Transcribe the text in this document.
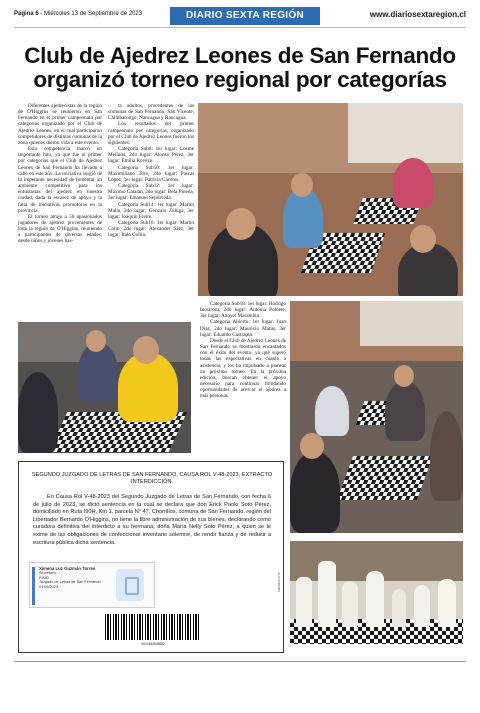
Página 6 - Miércoles 13 de Septiembre de 2023	DIARIO SEXTA REGIÓN	www.diariosextaregion.cl
Club de Ajedrez Leones de San Fernando organizó torneo regional por categorías

Diferentes ajedrecistas de la región de O'Higgins se reunieron en San Fernando en el primer campeonato por categorías organizado por el Club de Ajedrez Leones, en el cual participaron competidores de distintas comunas de la zona quienes dieron vida a este evento.

Esta competencia marcó un importante hito, ya que fue el primer por categorías que el Club de Ajedrez Leones de San Fernando ha llevado a cabo en este año. La iniciativa surgió de la imperante necesidad de fomentar un ambiente competitivo para los entusiastas del ajedrez en nuestra ciudad, dada la escasez de apoyo y la falta de iniciativas promotoras en la provincia.

El torneo atrajo a 56 apasionados jugadores de ajedrez provenientes de toda la región de O'Higgins, reuniendo a participantes de diversas edades, desde niños y jóvenes has-

ta adultos, procedentes de las comunas de San Fernando, San Vicente, Chimbarongo, Nancagua y Rancagua.

Los resultados del primer campeonato por categorías, organizado por el Club de Ajedrez Leones fueron los siguientes:

Categoría Sub8: 1er lugar: Cosme Mellado, 2do lugar: Alonso Pérez, 3er lugar: Emilia Rovezo.

Categoría Sub10: 1er lugar: Maximiliano Toro, 2do lugar: Pascal López, 3er lugar: Patricia Cáceres.

Categoría Sub12: 1er lugar: Máximo Catalán, 2do lugar: Bela Pineda, 3er lugar: Emanuel Sepúlveda.

Categoría Sub14: 1er lugar: Martín Malla, 2do lugar: Gonzalo Zúñiga, 3er lugar: Joaquín Freire.

Categoría Sub16: 1er lugar: Martín Colín, 2do lugar: Alexander Sáez, 3er lugar: Italo Collio.

Categoría Sub18: 1er lugar: Rodrigo Inostroza, 2do lugar: Antonia Poblete, 3er lugar: Annyel Marambio.

Categoría Abierto: 1er lugar: Juan Díaz, 2do lugar: Mauricio Matus, 3er lugar: Eduardo Castrapín.

Desde el Club de Ajedrez Leones de San Fernando se mostraron encantados con el éxito del evento, ya que superó todas las expectativas en cuanto a asistencia, y los ha impulsado a planear un próximo torneo. En la próxima edición, buscan obtener el apoyo necesario para continuar brindando oportunidades de acercar el ajedrez a más personas.

SEGUNDO JUZGADO DE LETRAS DE SAN FERNANDO, CAUSA ROL V-48-2023, EXTRACTO INTERDICCIÓN.
En Causa Rol V-48-2023 del Segundo Juzgado de Letras de San Fernando, con fecha 6 de julio de 2023, se dictó sentencia en la cual se declara que don Erick Paolo Soto Pérez, domiciliado en Ruta I90H, Km 1, parcela N° 47, Chorrillos, comuna de San Fernando, región del Libertador Bernardo O'Higgins, no tiene la libre administración de sus bienes, declarando como curadora definitiva del interdicto a su hermana, doña María Nelly Soto Pérez, a quien se le exime de las obligaciones de confeccionar inventario solemne, de rendir fianza y de reducir a escritura pública dicha sentencia.
Ximena Luz Guzmán Torres
Secretario
PJUD
Juzgado de Letras de San Fernando
01/09/2023
V001533548682
A1XF28BE9B4
